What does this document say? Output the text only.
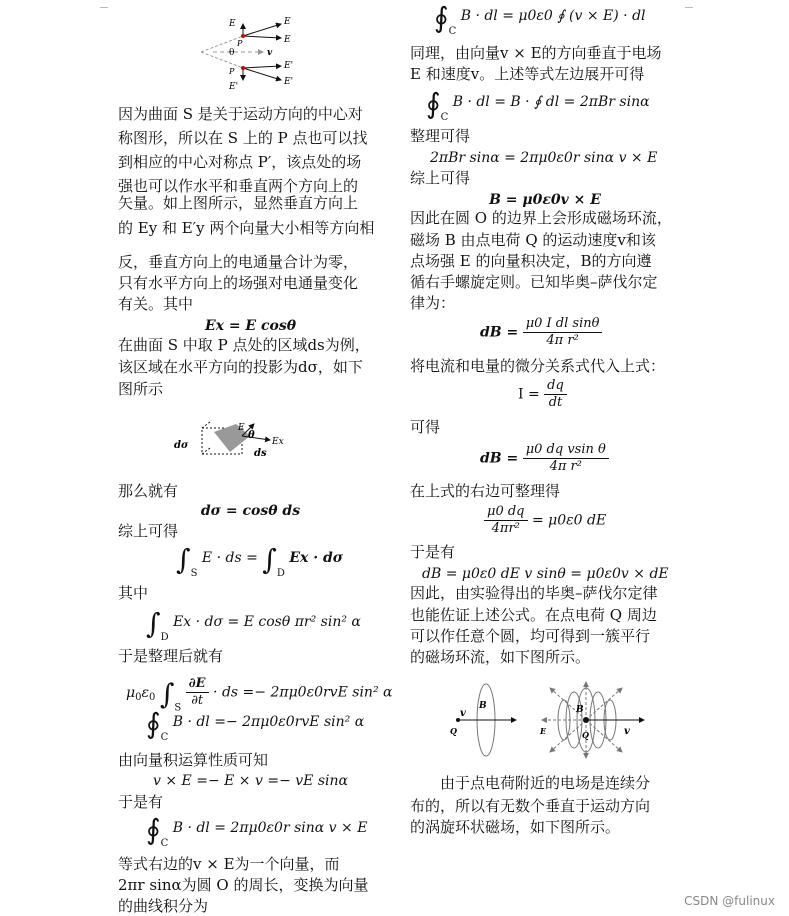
E
E
E
θ	v
P
P
E'
E'
E'
因为曲面 S 是关于运动方向的中心对
称图形，所以在 S 上的 P 点也可以找
到相应的中心对称点 P′，该点处的场
强也可以作水平和垂直两个方向上的
矢量。如上图所示，显然垂直方向上
的 Ey 和 E′y 两个向量大小相等方向相
反，垂直方向上的电通量合计为零，
只有水平方向上的场强对电通量变化
有关。其中
Ex = E cosθ
在曲面 S 中取 P 点处的区域ds为例，
该区域在水平方向的投影为dσ，如下
图所示
dσ
θ
E
Ex
ds
那么就有
dσ = cosθ ds
综上可得
$\int_S$ E · ds = $\int_D$ Ex · dσ
其中
$\int_D$ Ex · dσ = E cosθ πr² sin² α
于是整理后就有
$\mu_0\varepsilon_0$ $\int_S \frac{\partial E}{\partial t}$ · ds =− 2πμ0ε0rvE sin² α
$∮_C$ B · dl =− 2πμ0ε0rvE sin² α
由向量积运算性质可知
v × E =− E × v =− vE sinα
于是有
$∮_C$ B · dl = 2πμ0ε0r sinα v × E
等式右边的v × E为一个向量，而
2πr sinα为圆 O 的周长，变换为向量
的曲线积分为
$∮_C$ B · dl = μ0ε0 ∮ (v × E) · dl
同理，由向量v × E的方向垂直于电场
E 和速度v。上述等式左边展开可得
$∮_C$ B · dl = B · ∮ dl = 2πBr sinα
整理可得
2πBr sinα = 2πμ0ε0r sinα v × E
综上可得
B = μ0ε0v × E
因此在圆 O 的边界上会形成磁场环流，
磁场 B 由点电荷 Q 的运动速度v和该
点场强 E 的向量积决定，B的方向遵
循右手螺旋定则。已知毕奥–萨伐尔定
律为：
dB = $\frac{\text{μ0 I dl sinθ}}{\text{4π r²}}$
将电流和电量的微分关系式代入上式：
$I = \frac{dq}{dt}$
可得
dB = $\frac{\text{μ0 dq vsin θ}}{\text{4π r²}}$
在上式的右边可整理得
$\frac{\mu 0 dq}{\text{4πr²}} = \mu 0\varepsilon 0$ dE
于是有
dB = μ0ε0 dE v sinθ = μ0ε0v × dE
因此，由实验得出的毕奥–萨伐尔定律
也能佐证上述公式。在点电荷 Q 周边
可以作任意个圆，均可得到一簇平行
的磁场环流，如下图所示。
v
B
Q	E
B
Q	v
由于点电荷附近的电场是连续分
布的，所以有无数个垂直于运动方向
的涡旋环状磁场，如下图所示。
CSDN @fulinux
